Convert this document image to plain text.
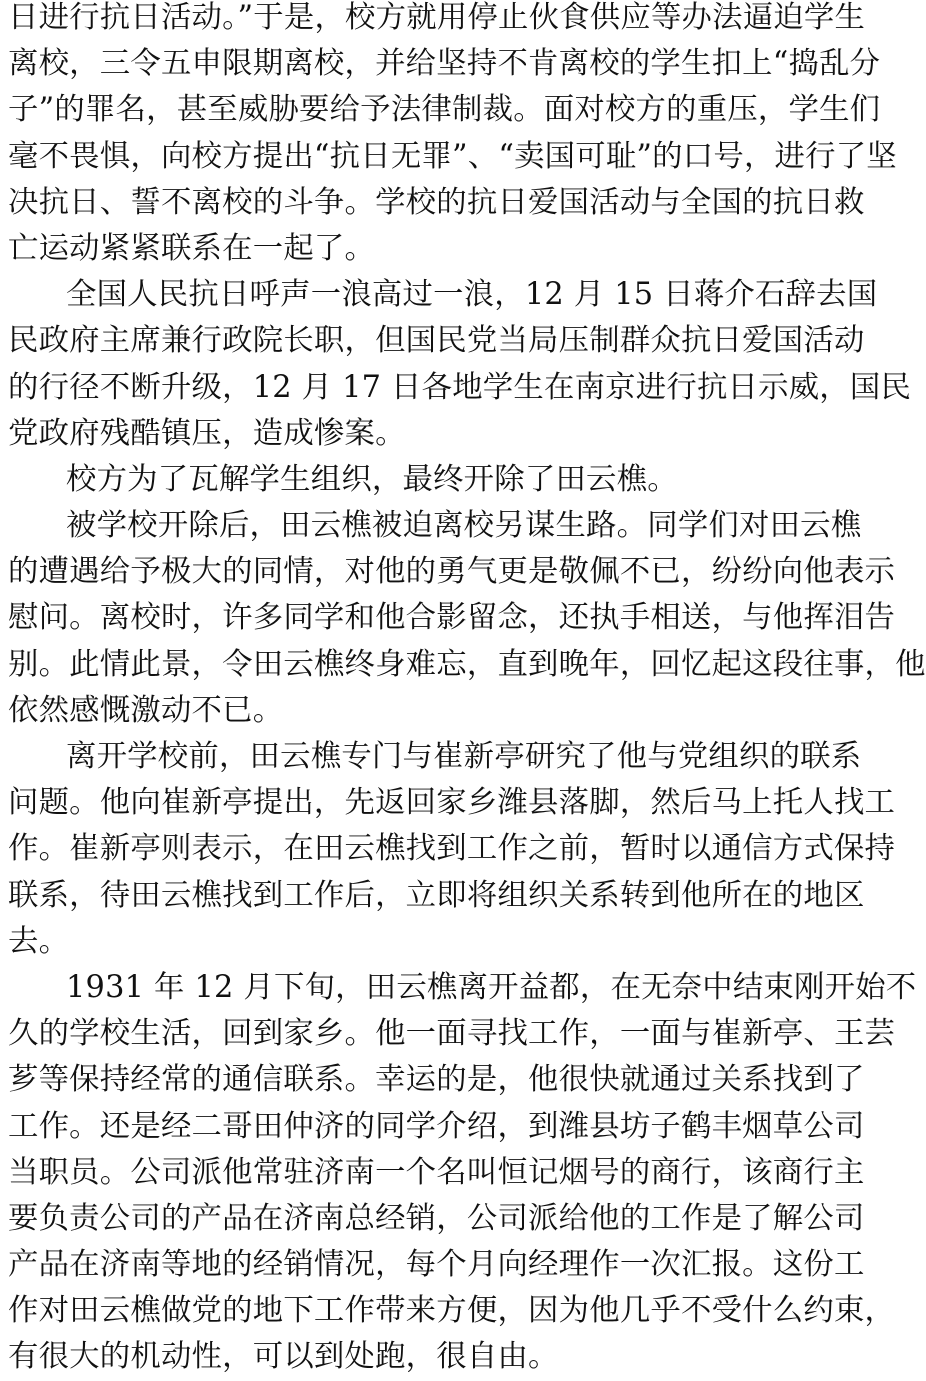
日进行抗日活动。”于是，校方就用停止伙食供应等办法逼迫学生
离校，三令五申限期离校，并给坚持不肯离校的学生扣上“捣乱分
子”的罪名，甚至威胁要给予法律制裁。面对校方的重压，学生们
毫不畏惧，向校方提出“抗日无罪”、“卖国可耻”的口号，进行了坚
决抗日、誓不离校的斗争。学校的抗日爱国活动与全国的抗日救
亡运动紧紧联系在一起了。
全国人民抗日呼声一浪高过一浪，12 月 15 日蒋介石辞去国
民政府主席兼行政院长职，但国民党当局压制群众抗日爱国活动
的行径不断升级，12 月 17 日各地学生在南京进行抗日示威，国民
党政府残酷镇压，造成惨案。
校方为了瓦解学生组织，最终开除了田云樵。
被学校开除后，田云樵被迫离校另谋生路。同学们对田云樵
的遭遇给予极大的同情，对他的勇气更是敬佩不已，纷纷向他表示
慰问。离校时，许多同学和他合影留念，还执手相送，与他挥泪告
别。此情此景，令田云樵终身难忘，直到晚年，回忆起这段往事，他
依然感慨激动不已。
离开学校前，田云樵专门与崔新亭研究了他与党组织的联系
问题。他向崔新亭提出，先返回家乡潍县落脚，然后马上托人找工
作。崔新亭则表示，在田云樵找到工作之前，暂时以通信方式保持
联系，待田云樵找到工作后，立即将组织关系转到他所在的地区
去。
1931 年 12 月下旬，田云樵离开益都，在无奈中结束刚开始不
久的学校生活，回到家乡。他一面寻找工作，一面与崔新亭、王芸
芗等保持经常的通信联系。幸运的是，他很快就通过关系找到了
工作。还是经二哥田仲济的同学介绍，到潍县坊子鹤丰烟草公司
当职员。公司派他常驻济南一个名叫恒记烟号的商行，该商行主
要负责公司的产品在济南总经销，公司派给他的工作是了解公司
产品在济南等地的经销情况，每个月向经理作一次汇报。这份工
作对田云樵做党的地下工作带来方便，因为他几乎不受什么约束，
有很大的机动性，可以到处跑，很自由。
